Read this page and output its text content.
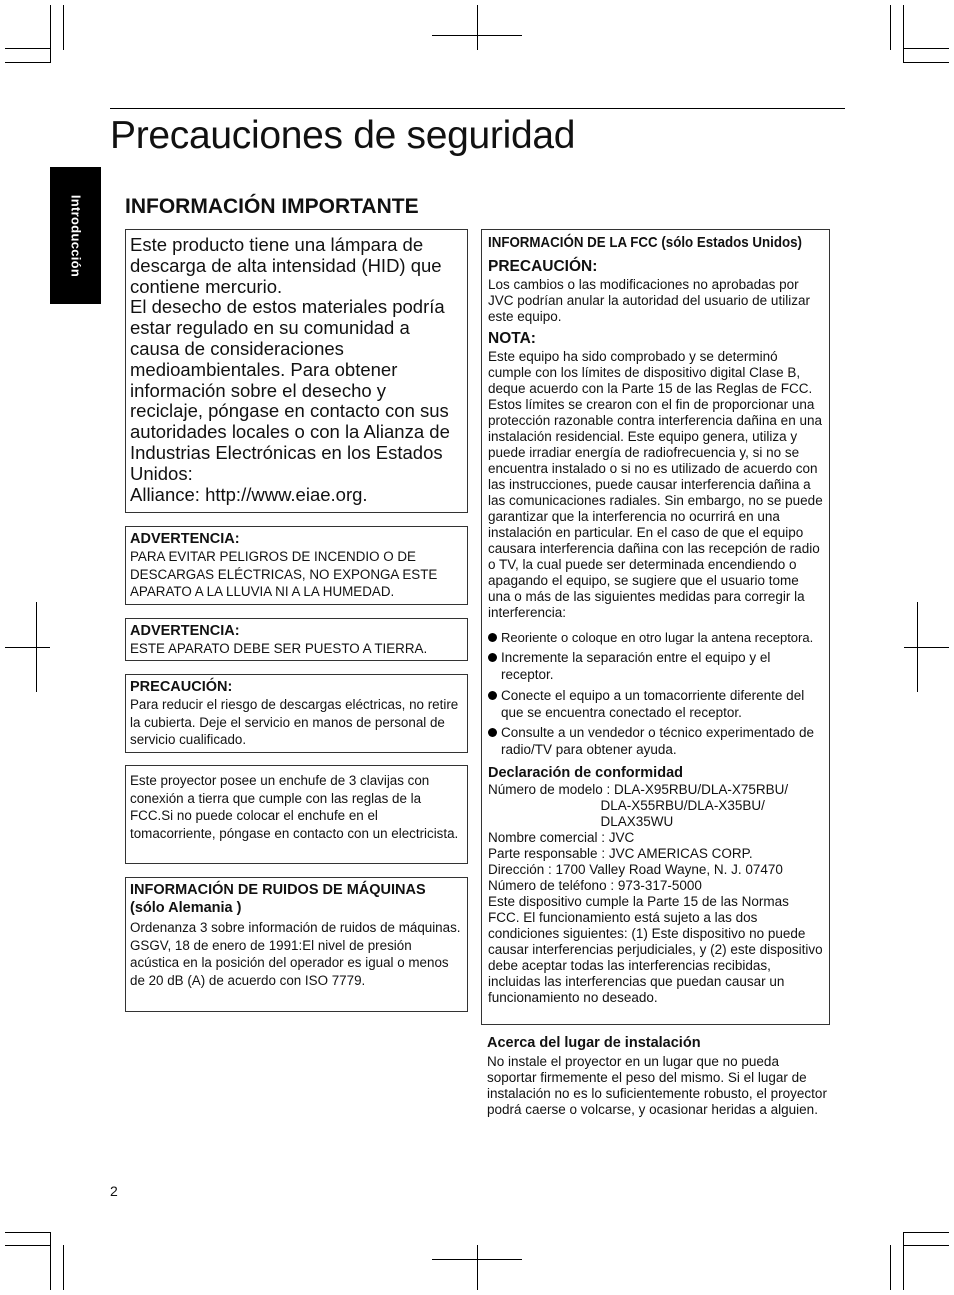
Precauciones de seguridad
Introducción INFORMACIÓN IMPORTANTE

Este producto tiene una lámpara de descarga de alta intensidad (HID) que contiene mercurio.

El desecho de estos materiales podría estar regulado en su comunidad a causa de consideraciones medioambientales. Para obtener información sobre el desecho y reciclaje, póngase en contacto con sus autoridades locales o con la Alianza de Industrias Electrónicas en los Estados Unidos:

Alliance: http://www.eiae.org.

ADVERTENCIA:

PARA EVITAR PELIGROS DE INCENDIO O DE DESCARGAS ELÉCTRICAS, NO EXPONGA ESTE APARATO A LA LLUVIA NI A LA HUMEDAD.

ADVERTENCIA:

ESTE APARATO DEBE SER PUESTO A TIERRA.

PRECAUCIÓN:

Para reducir el riesgo de descargas eléctricas, no retire la cubierta. Deje el servicio en manos de personal de servicio cualificado.

Este proyector posee un enchufe de 3 clavijas con conexión a tierra que cumple con las reglas de la FCC.Si no puede colocar el enchufe en el tomacorriente, póngase en contacto con un electricista.

INFORMACIÓN DE RUIDOS DE MÁQUINAS (sólo Alemania )

Ordenanza 3 sobre información de ruidos de máquinas. GSGV, 18 de enero de 1991:El nivel de presión acústica en la posición del operador es igual o menos de 20 dB (A) de acuerdo con ISO 7779.

INFORMACIÓN DE LA FCC (sólo Estados Unidos)
PRECAUCIÓN:

Los cambios o las modificaciones no aprobadas por JVC podrían anular la autoridad del usuario de utilizar este equipo.

NOTA:

Este equipo ha sido comprobado y se determinó cumple con los límites de dispositivo digital Clase B, deque acuerdo con la Parte 15 de las Reglas de FCC. Estos límites se crearon con el fin de proporcionar una protección razonable contra interferencia dañina en una instalación residencial. Este equipo genera, utiliza y puede irradiar energía de radiofrecuencia y, si no se encuentra instalado o si no es utilizado de acuerdo con las instrucciones, puede causar interferencia dañina a las comunicaciones radiales. Sin embargo, no se puede garantizar que la interferencia no ocurrirá en una instalación en particular. En el caso de que el equipo causara interferencia dañina con las recepción de radio o TV, la cual puede ser determinada encendiendo o apagando el equipo, se sugiere que el usuario tome una o más de las siguientes medidas para corregir la interferencia:

Reoriente o coloque en otro lugar la antena receptora.
Incremente la separación entre el equipo y el receptor.
Conecte el equipo a un tomacorriente diferente del que se encuentra conectado el receptor.
Consulte a un vendedor o técnico experimentado de radio/TV para obtener ayuda.
Declaración de conformidad
Número de modelo : DLA-X95RBU/DLA-X75RBU/
DLA-X55RBU/DLA-X35BU/
DLAX35WU
Nombre comercial : JVC
Parte responsable : JVC AMERICAS CORP.
Dirección : 1700 Valley Road Wayne, N. J. 07470
Número de teléfono : 973-317-5000

Este dispositivo cumple la Parte 15 de las Normas FCC. El funcionamiento está sujeto a las dos condiciones siguientes: (1) Este dispositivo no puede causar interferencias perjudiciales, y (2) este dispositivo debe aceptar todas las interferencias recibidas, incluidas las interferencias que puedan causar un funcionamiento no deseado.

Acerca del lugar de instalación

No instale el proyector en un lugar que no pueda soportar firmemente el peso del mismo. Si el lugar de instalación no es lo suficientemente robusto, el proyector podrá caerse o volcarse, y ocasionar heridas a alguien.

2
